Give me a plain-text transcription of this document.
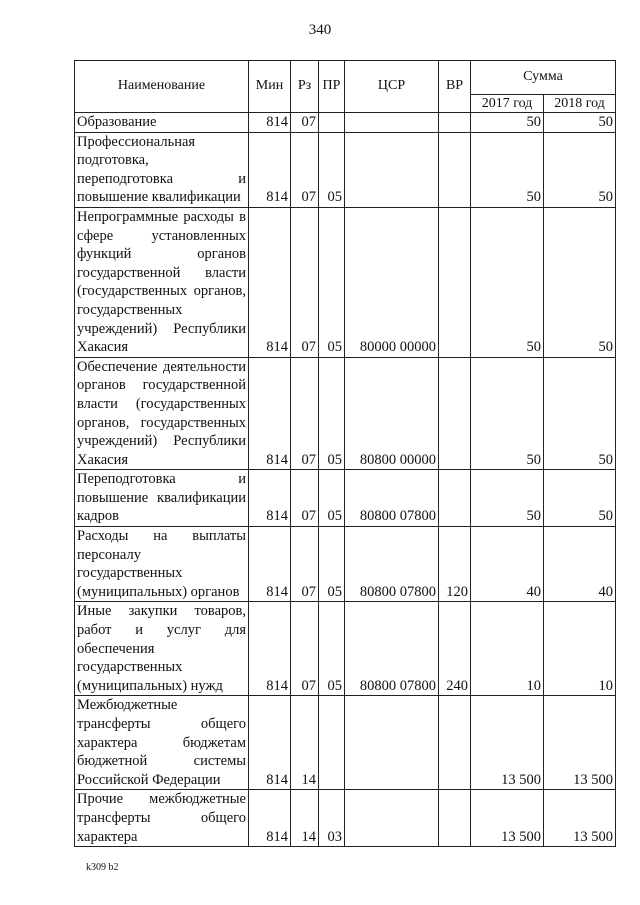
340
Наименование	Мин	Рз	ПР	ЦСР	ВР	Сумма	
						2017 год	2018 год
Образование	814	07				50	50
Профессиональная подготовка, переподготовка и повышение квалификации	814	07	05			50	50
Непрограммные расходы в сфере установленных функций органов государственной власти (государственных органов, государственных учреждений) Республики Хакасия	814	07	05	80000 00000		50	50
Обеспечение деятельности органов государственной власти (государственных органов, государственных учреждений) Республики Хакасия	814	07	05	80800 00000		50	50
Переподготовка и повышение квалификации кадров	814	07	05	80800 07800		50	50
Расходы на выплаты персоналу государственных (муниципальных) органов	814	07	05	80800 07800	120	40	40
Иные закупки товаров, работ и услуг для обеспечения государственных (муниципальных) нужд	814	07	05	80800 07800	240	10	10
Межбюджетные трансферты общего характера бюджетам бюджетной системы Российской Федерации	814	14				13 500	13 500
Прочие межбюджетные трансферты общего характера	814	14	03			13 500	13 500
k309 b2
